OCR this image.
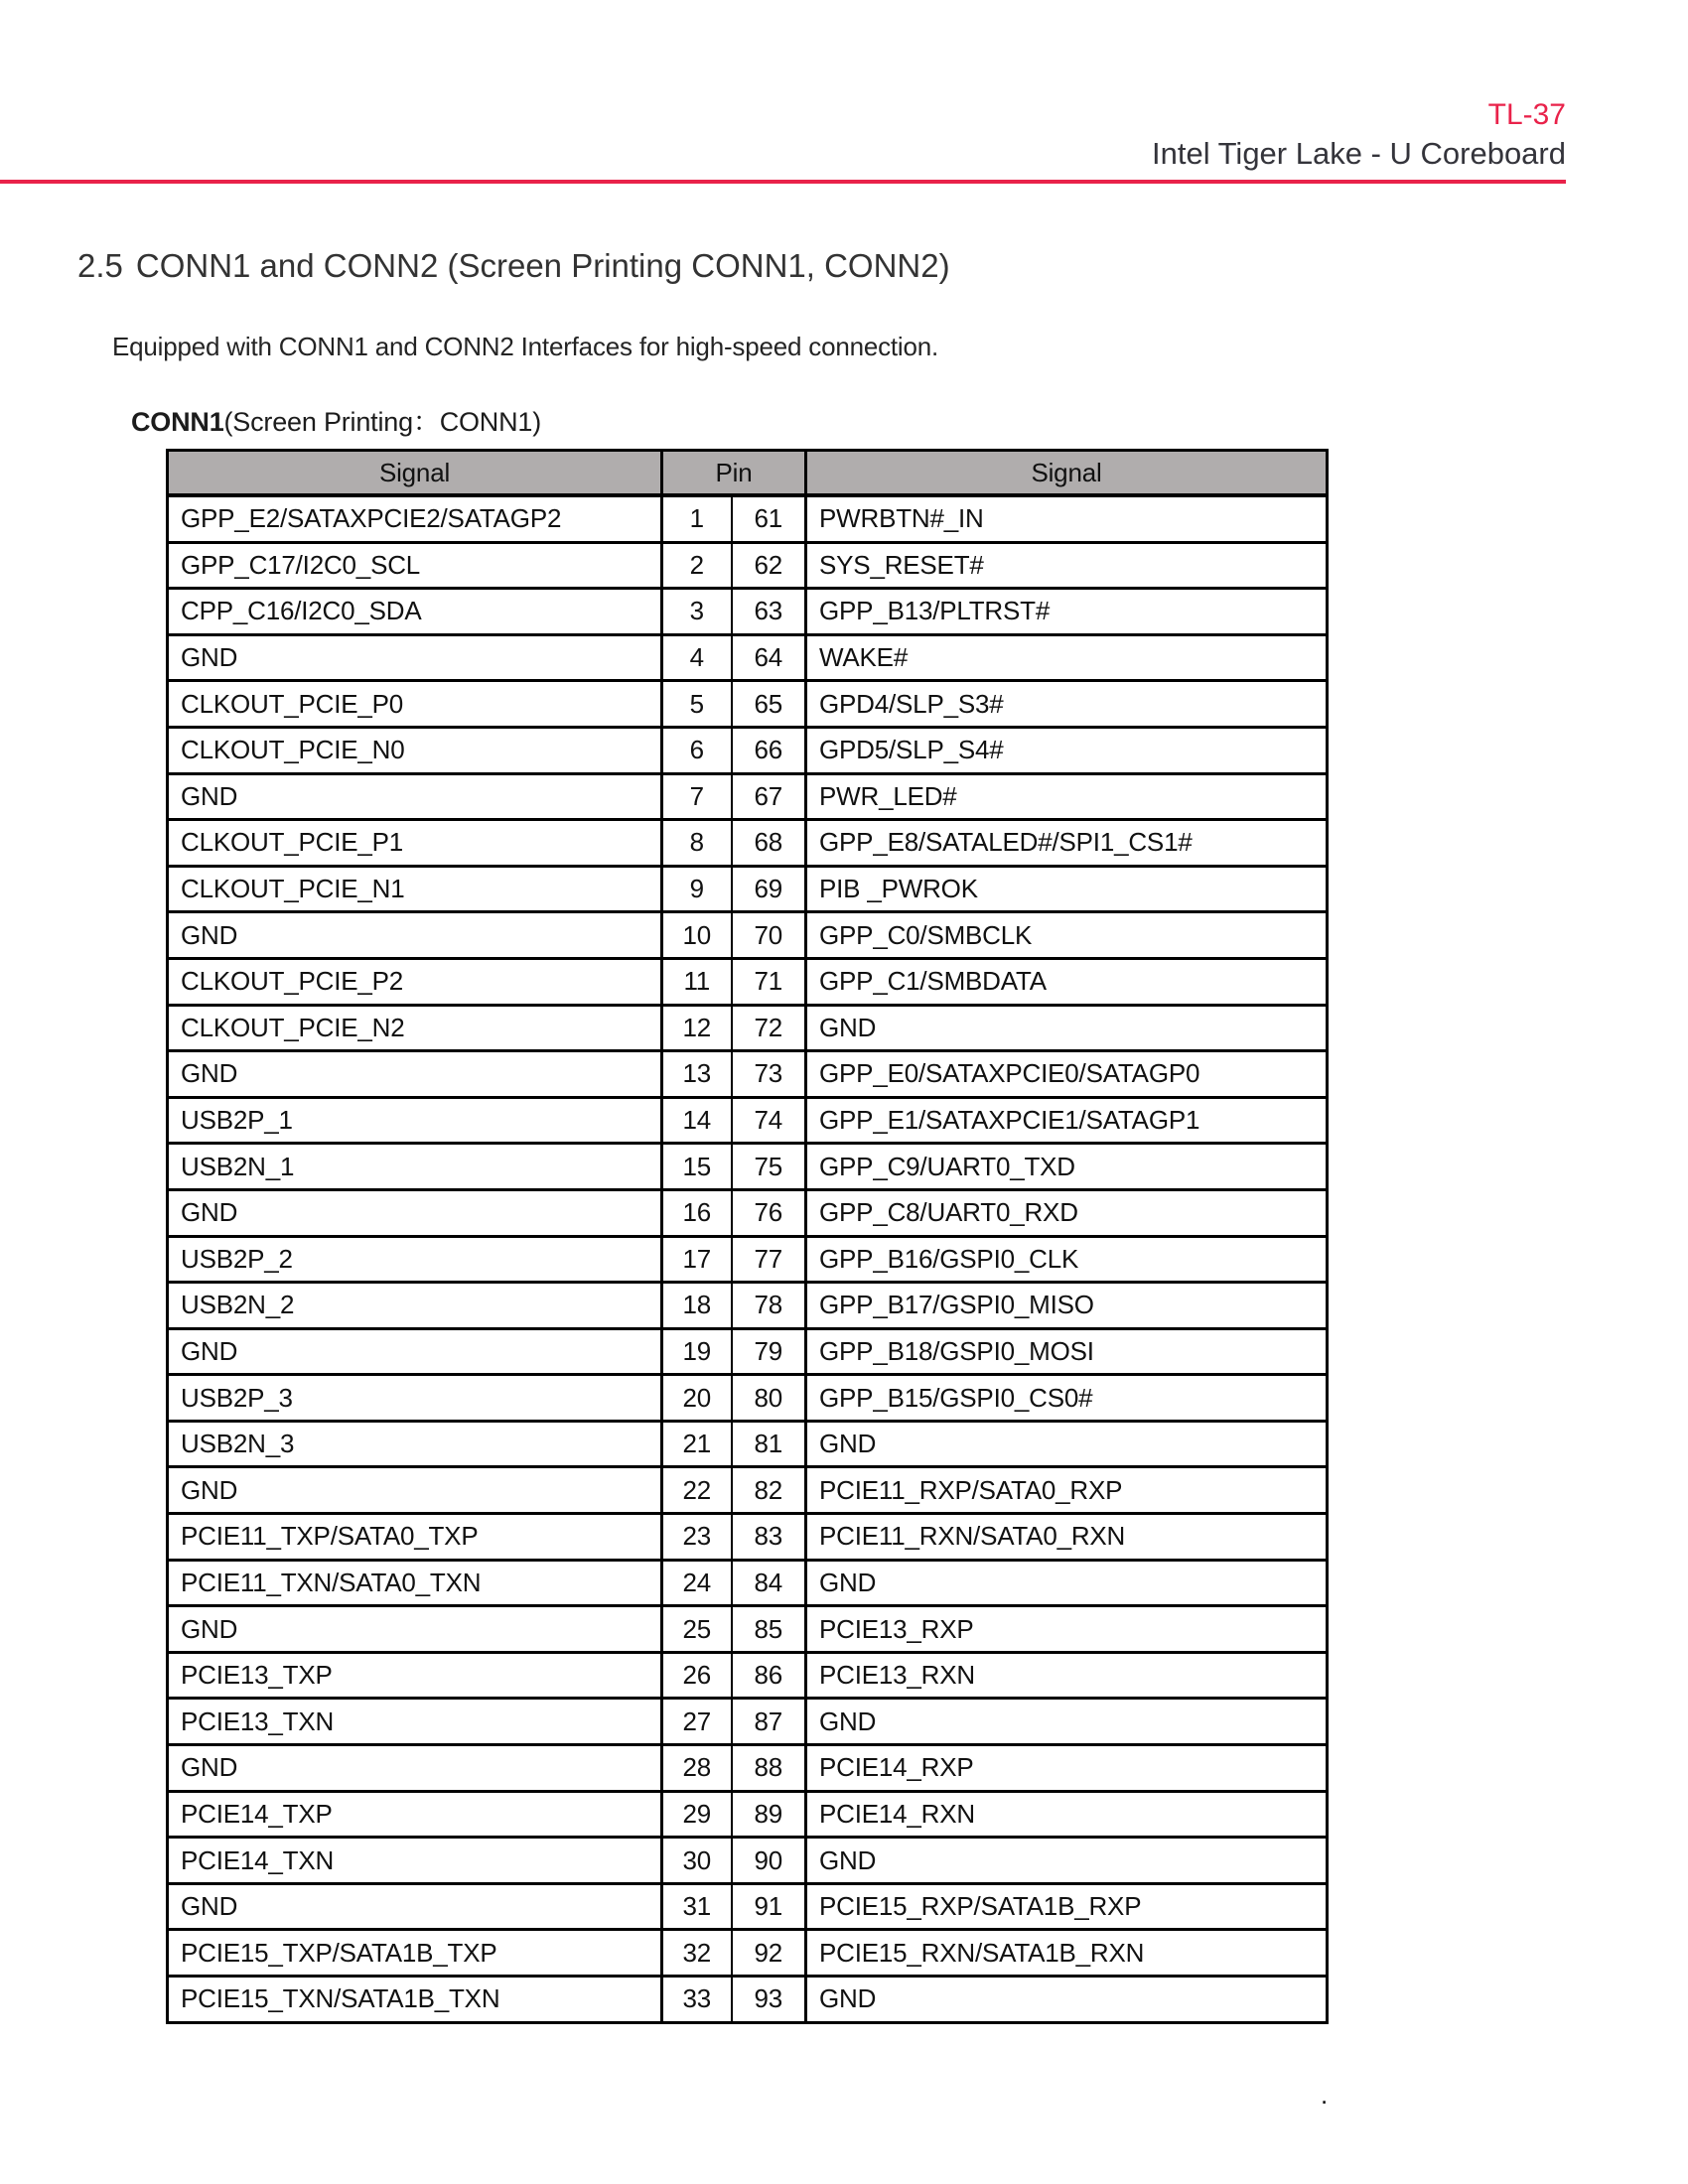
TL-37
Intel Tiger Lake - U Coreboard
2.5 CONN1 and CONN2 (Screen Printing CONN1, CONN2)
Equipped with CONN1 and CONN2 Interfaces for high-speed connection.
CONN1(Screen Printing：CONN1)
Signal	Pin		Signal
GPP_E2/SATAXPCIE2/SATAGP2	1	61	PWRBTN#_IN
GPP_C17/I2C0_SCL	2	62	SYS_RESET#
CPP_C16/I2C0_SDA	3	63	GPP_B13/PLTRST#
GND	4	64	WAKE#
CLKOUT_PCIE_P0	5	65	GPD4/SLP_S3#
CLKOUT_PCIE_N0	6	66	GPD5/SLP_S4#
GND	7	67	PWR_LED#
CLKOUT_PCIE_P1	8	68	GPP_E8/SATALED#/SPI1_CS1#
CLKOUT_PCIE_N1	9	69	PIB _PWROK
GND	10	70	GPP_C0/SMBCLK
CLKOUT_PCIE_P2	11	71	GPP_C1/SMBDATA
CLKOUT_PCIE_N2	12	72	GND
GND	13	73	GPP_E0/SATAXPCIE0/SATAGP0
USB2P_1	14	74	GPP_E1/SATAXPCIE1/SATAGP1
USB2N_1	15	75	GPP_C9/UART0_TXD
GND	16	76	GPP_C8/UART0_RXD
USB2P_2	17	77	GPP_B16/GSPI0_CLK
USB2N_2	18	78	GPP_B17/GSPI0_MISO
GND	19	79	GPP_B18/GSPI0_MOSI
USB2P_3	20	80	GPP_B15/GSPI0_CS0#
USB2N_3	21	81	GND
GND	22	82	PCIE11_RXP/SATA0_RXP
PCIE11_TXP/SATA0_TXP	23	83	PCIE11_RXN/SATA0_RXN
PCIE11_TXN/SATA0_TXN	24	84	GND
GND	25	85	PCIE13_RXP
PCIE13_TXP	26	86	PCIE13_RXN
PCIE13_TXN	27	87	GND
GND	28	88	PCIE14_RXP
PCIE14_TXP	29	89	PCIE14_RXN
PCIE14_TXN	30	90	GND
GND	31	91	PCIE15_RXP/SATA1B_RXP
PCIE15_TXP/SATA1B_TXP	32	92	PCIE15_RXN/SATA1B_RXN
PCIE15_TXN/SATA1B_TXN	33	93	GND
.
